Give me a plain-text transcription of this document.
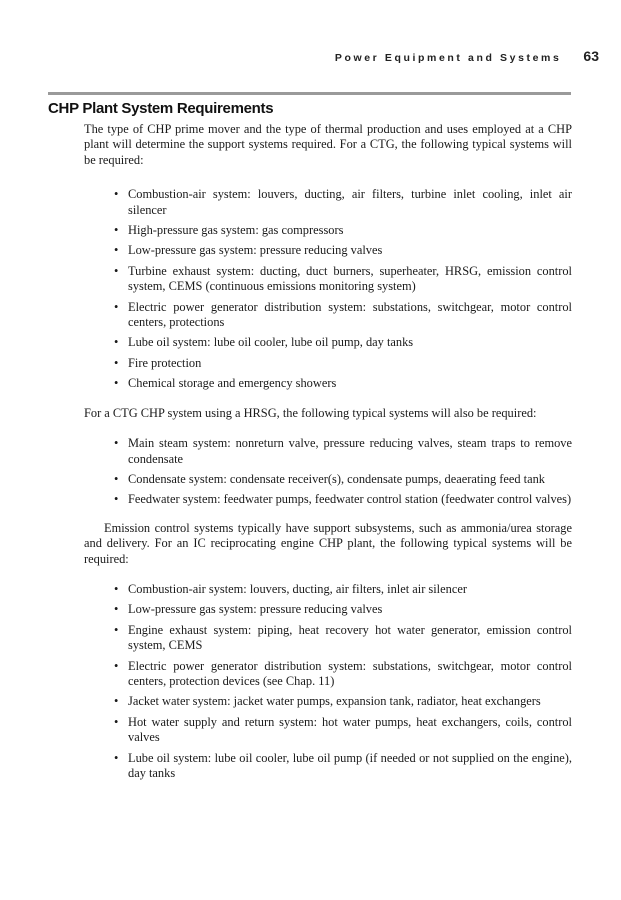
Power Equipment and Systems 63
CHP Plant System Requirements

The type of CHP prime mover and the type of thermal production and uses employed at a CHP plant will determine the support systems required. For a CTG, the following typical systems will be required:

• Combustion-air system: louvers, ducting, air filters, turbine inlet cooling, inlet air silencer
• High-pressure gas system: gas compressors
• Low-pressure gas system: pressure reducing valves
• Turbine exhaust system: ducting, duct burners, superheater, HRSG, emission control system, CEMS (continuous emissions monitoring system)
• Electric power generator distribution system: substations, switchgear, motor control centers, protections
• Lube oil system: lube oil cooler, lube oil pump, day tanks
• Fire protection
• Chemical storage and emergency showers

For a CTG CHP system using a HRSG, the following typical systems will also be required:

• Main steam system: nonreturn valve, pressure reducing valves, steam traps to remove condensate
• Condensate system: condensate receiver(s), condensate pumps, deaerating feed tank
• Feedwater system: feedwater pumps, feedwater control station (feedwater control valves)

Emission control systems typically have support subsystems, such as ammonia/urea storage and delivery. For an IC reciprocating engine CHP plant, the following typical systems will be required:

• Combustion-air system: louvers, ducting, air filters, inlet air silencer
• Low-pressure gas system: pressure reducing valves
• Engine exhaust system: piping, heat recovery hot water generator, emission control system, CEMS
• Electric power generator distribution system: substations, switchgear, motor control centers, protection devices (see Chap. 11)
• Jacket water system: jacket water pumps, expansion tank, radiator, heat exchangers
• Hot water supply and return system: hot water pumps, heat exchangers, coils, control valves
• Lube oil system: lube oil cooler, lube oil pump (if needed or not supplied on the engine), day tanks
